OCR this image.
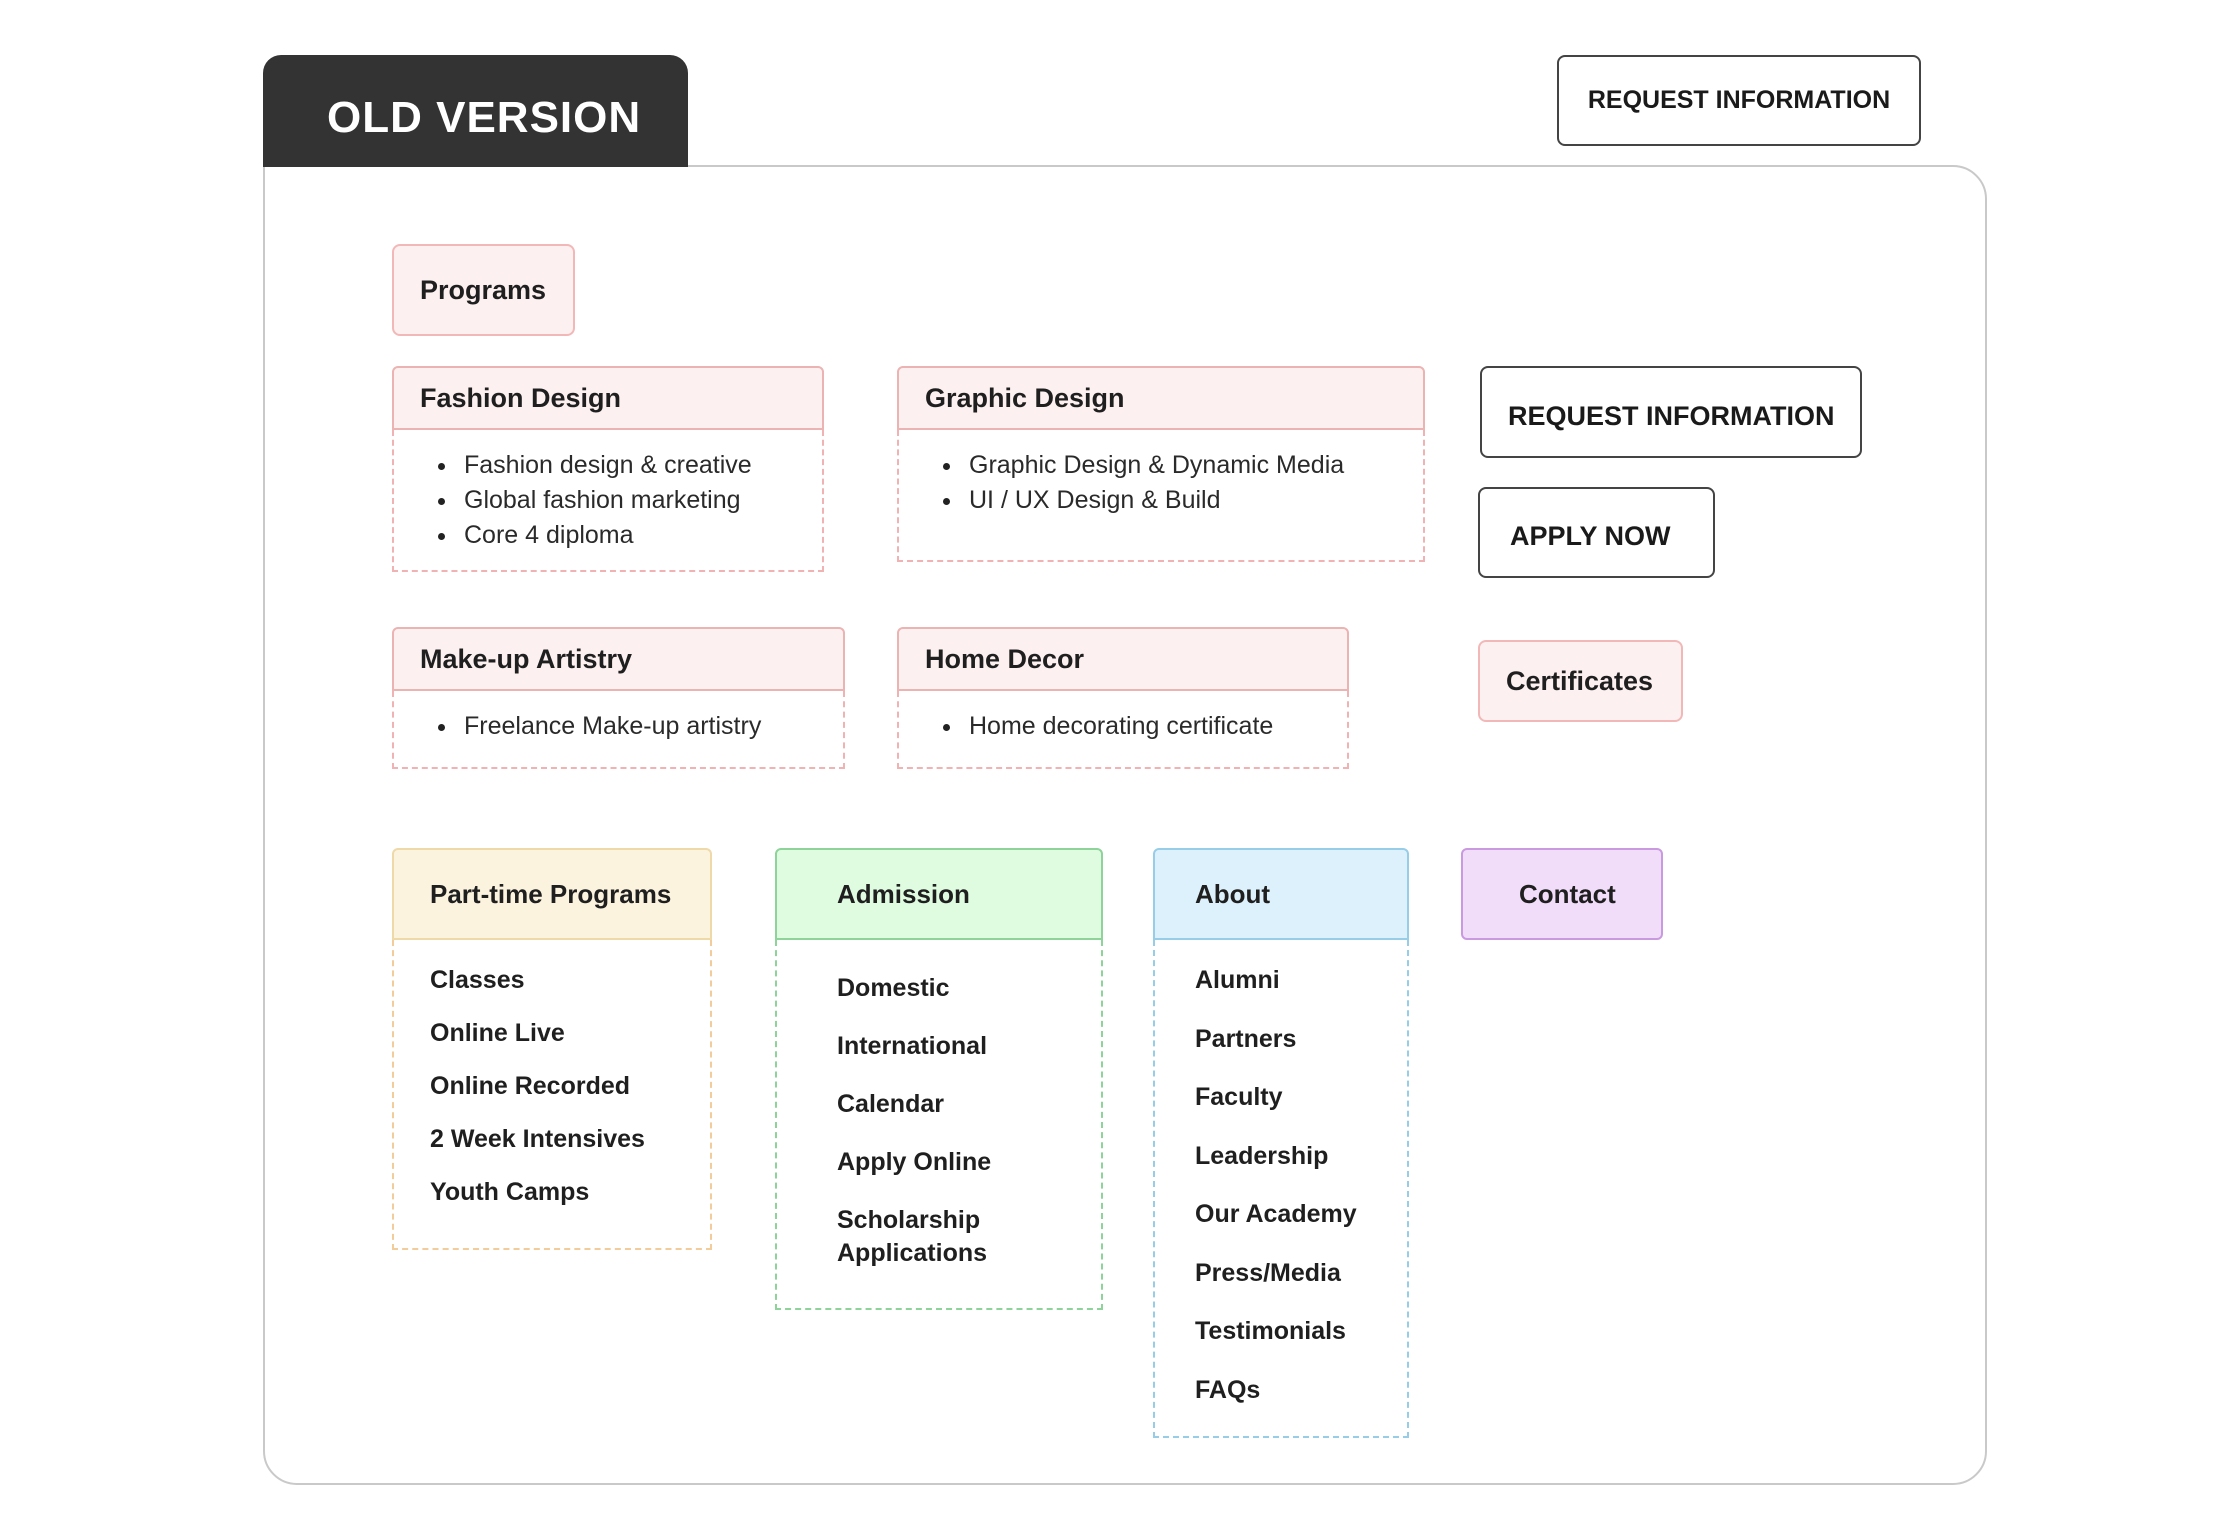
OLD VERSION	REQUEST INFORMATION
Programs
Fashion Design
Fashion design & creative
Global fashion marketing
Core 4 diploma
Graphic Design
Graphic Design & Dynamic Media
UI / UX Design & Build
Make-up Artistry
Freelance Make-up artistry
Home Decor
Home decorating certificate
REQUEST INFORMATION
APPLY NOW
Certificates
Part-time Programs
Classes
Online Live
Online Recorded
2 Week Intensives
Youth Camps
Admission
Domestic
International
Calendar
Apply Online
Scholarship
Applications
About
Alumni
Partners
Faculty
Leadership
Our Academy
Press/Media
Testimonials
FAQs
Contact
